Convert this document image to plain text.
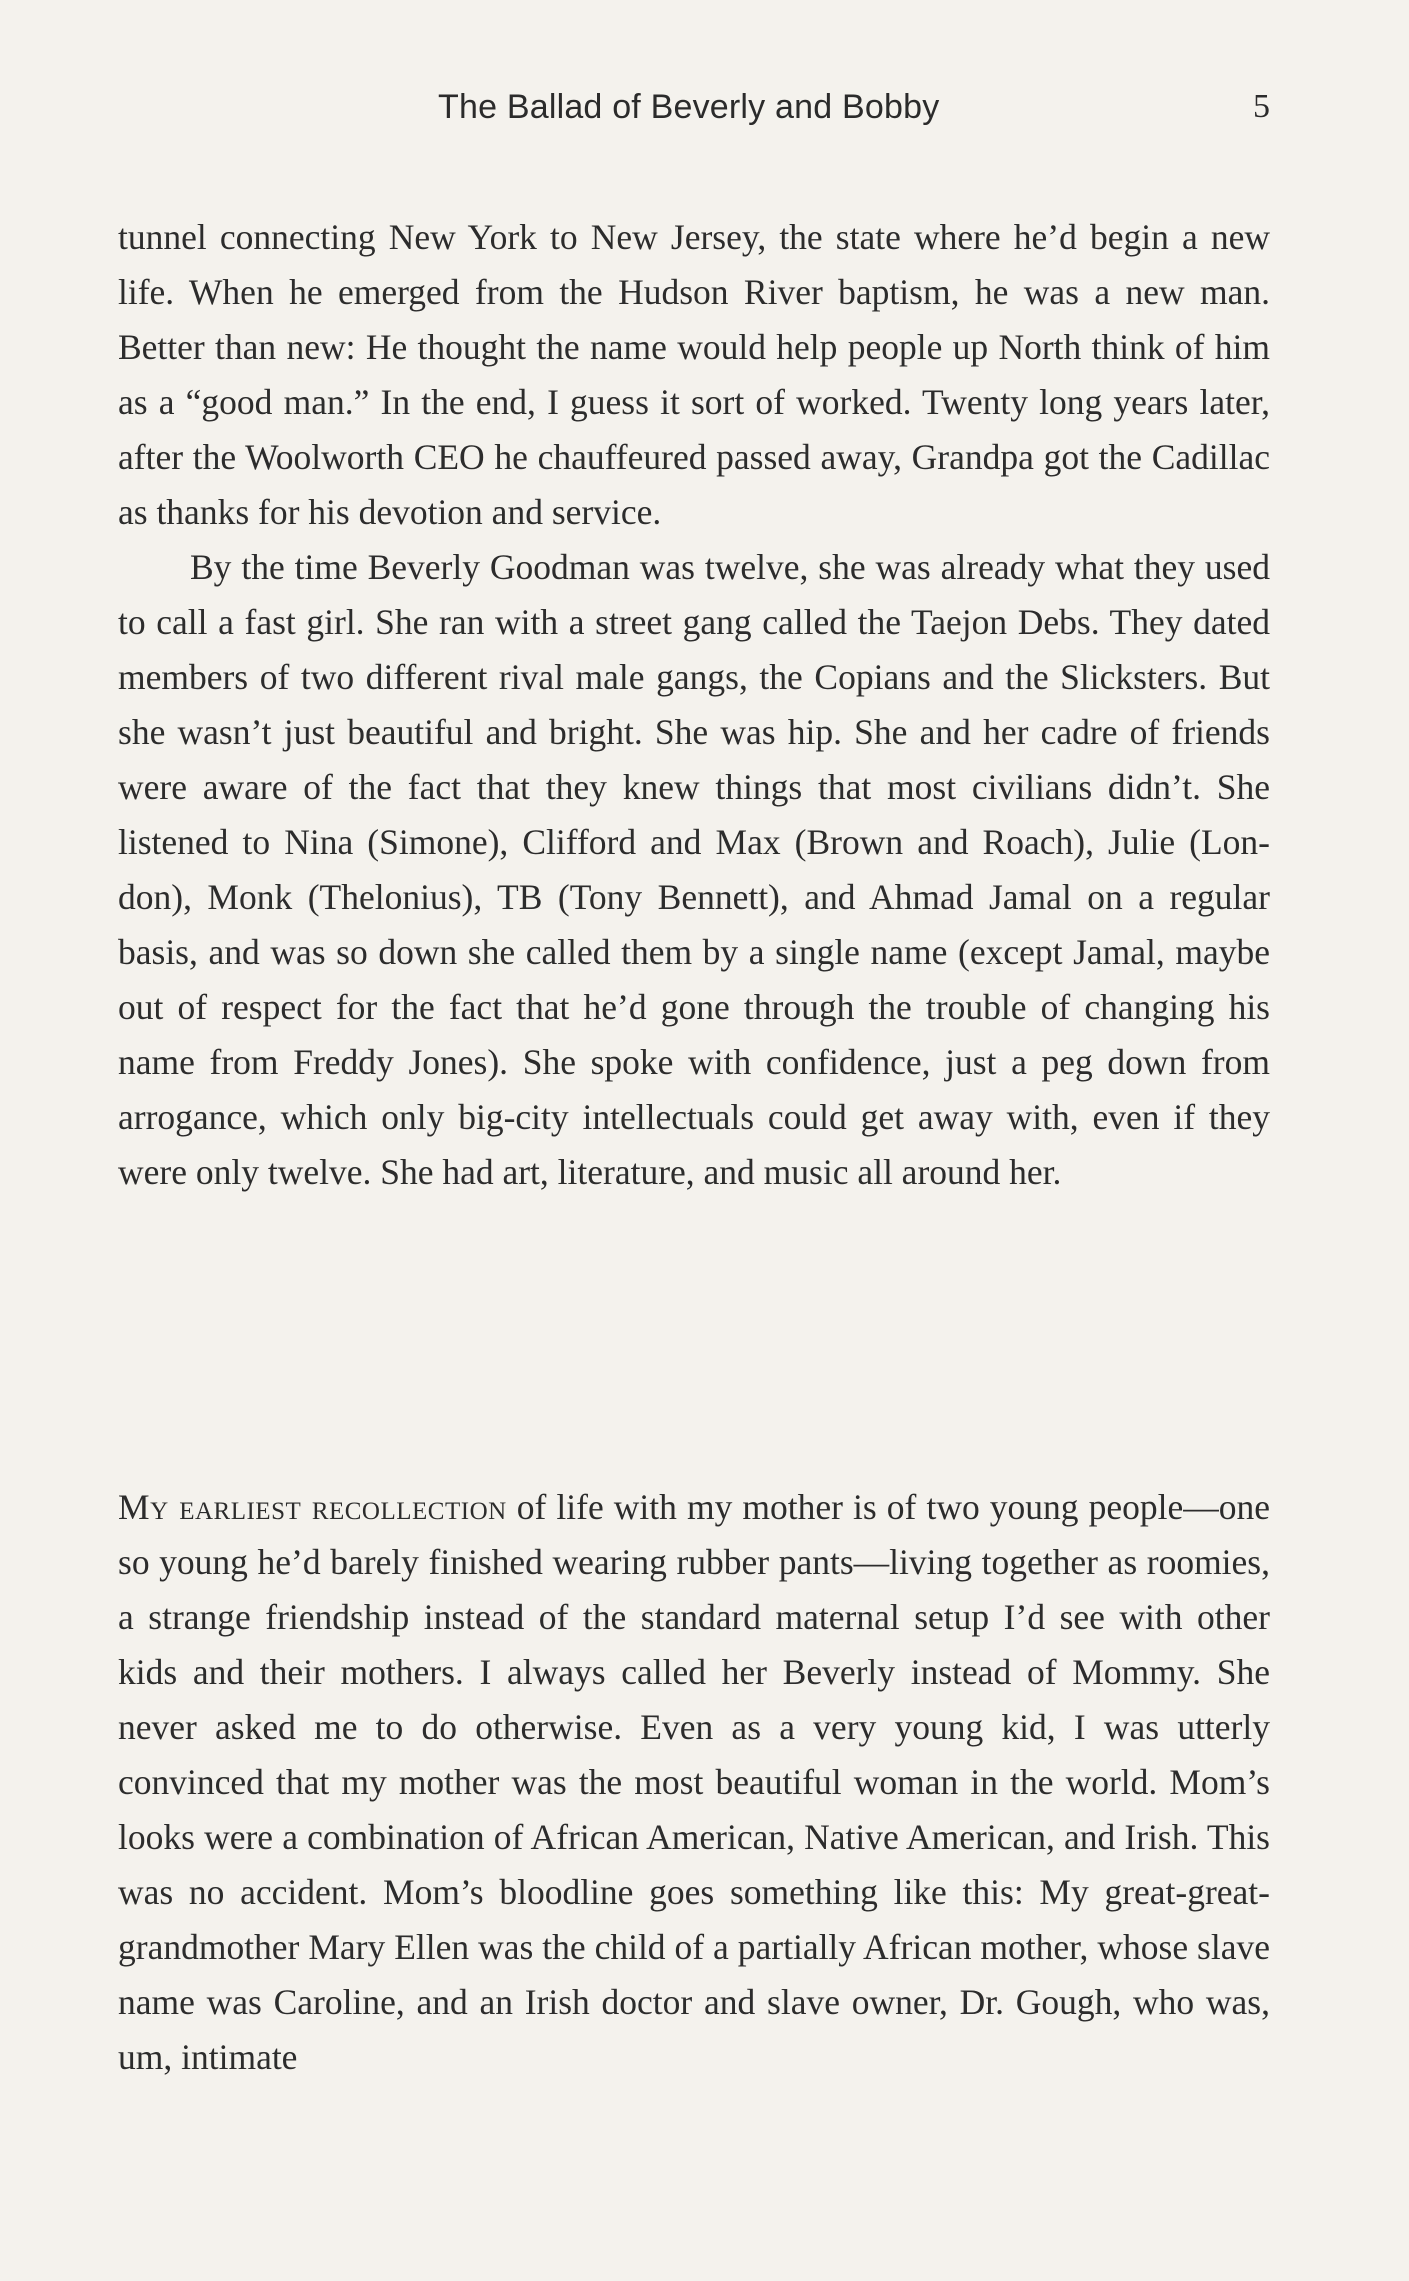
The Ballad of Beverly and Bobby	5

tunnel connecting New York to New Jersey, the state where he’d begin a new life. When he emerged from the Hudson River baptism, he was a new man. Better than new: He thought the name would help people up North think of him as a “good man.” In the end, I guess it sort of worked. Twenty long years later, after the Woolworth CEO he chauffeured passed away, Grandpa got the Cadillac as thanks for his devotion and service.

By the time Beverly Goodman was twelve, she was already what they used to call a fast girl. She ran with a street gang called the Taejon Debs. They dated members of two different rival male gangs, the Copians and the Slicksters. But she wasn’t just beautiful and bright. She was hip. She and her cadre of friends were aware of the fact that they knew things that most civilians didn’t. She listened to Nina (Simone), Clifford and Max (Brown and Roach), Julie (London), Monk (Thelonius), TB (Tony Bennett), and Ahmad Jamal on a regular basis, and was so down she called them by a single name (except Jamal, maybe out of respect for the fact that he’d gone through the trouble of changing his name from Freddy Jones). She spoke with confidence, just a peg down from arrogance, which only big-city intellectuals could get away with, even if they were only twelve. She had art, literature, and music all around her.

My earliest recollection of life with my mother is of two young people—one so young he’d barely finished wearing rubber pants—living together as roomies, a strange friendship instead of the standard maternal setup I’d see with other kids and their mothers. I always called her Beverly instead of Mommy. She never asked me to do otherwise. Even as a very young kid, I was utterly convinced that my mother was the most beautiful woman in the world. Mom’s looks were a combination of African American, Native American, and Irish. This was no accident. Mom’s bloodline goes something like this: My great-great-grandmother Mary Ellen was the child of a partially African mother, whose slave name was Caroline, and an Irish doctor and slave owner, Dr. Gough, who was, um, intimate
